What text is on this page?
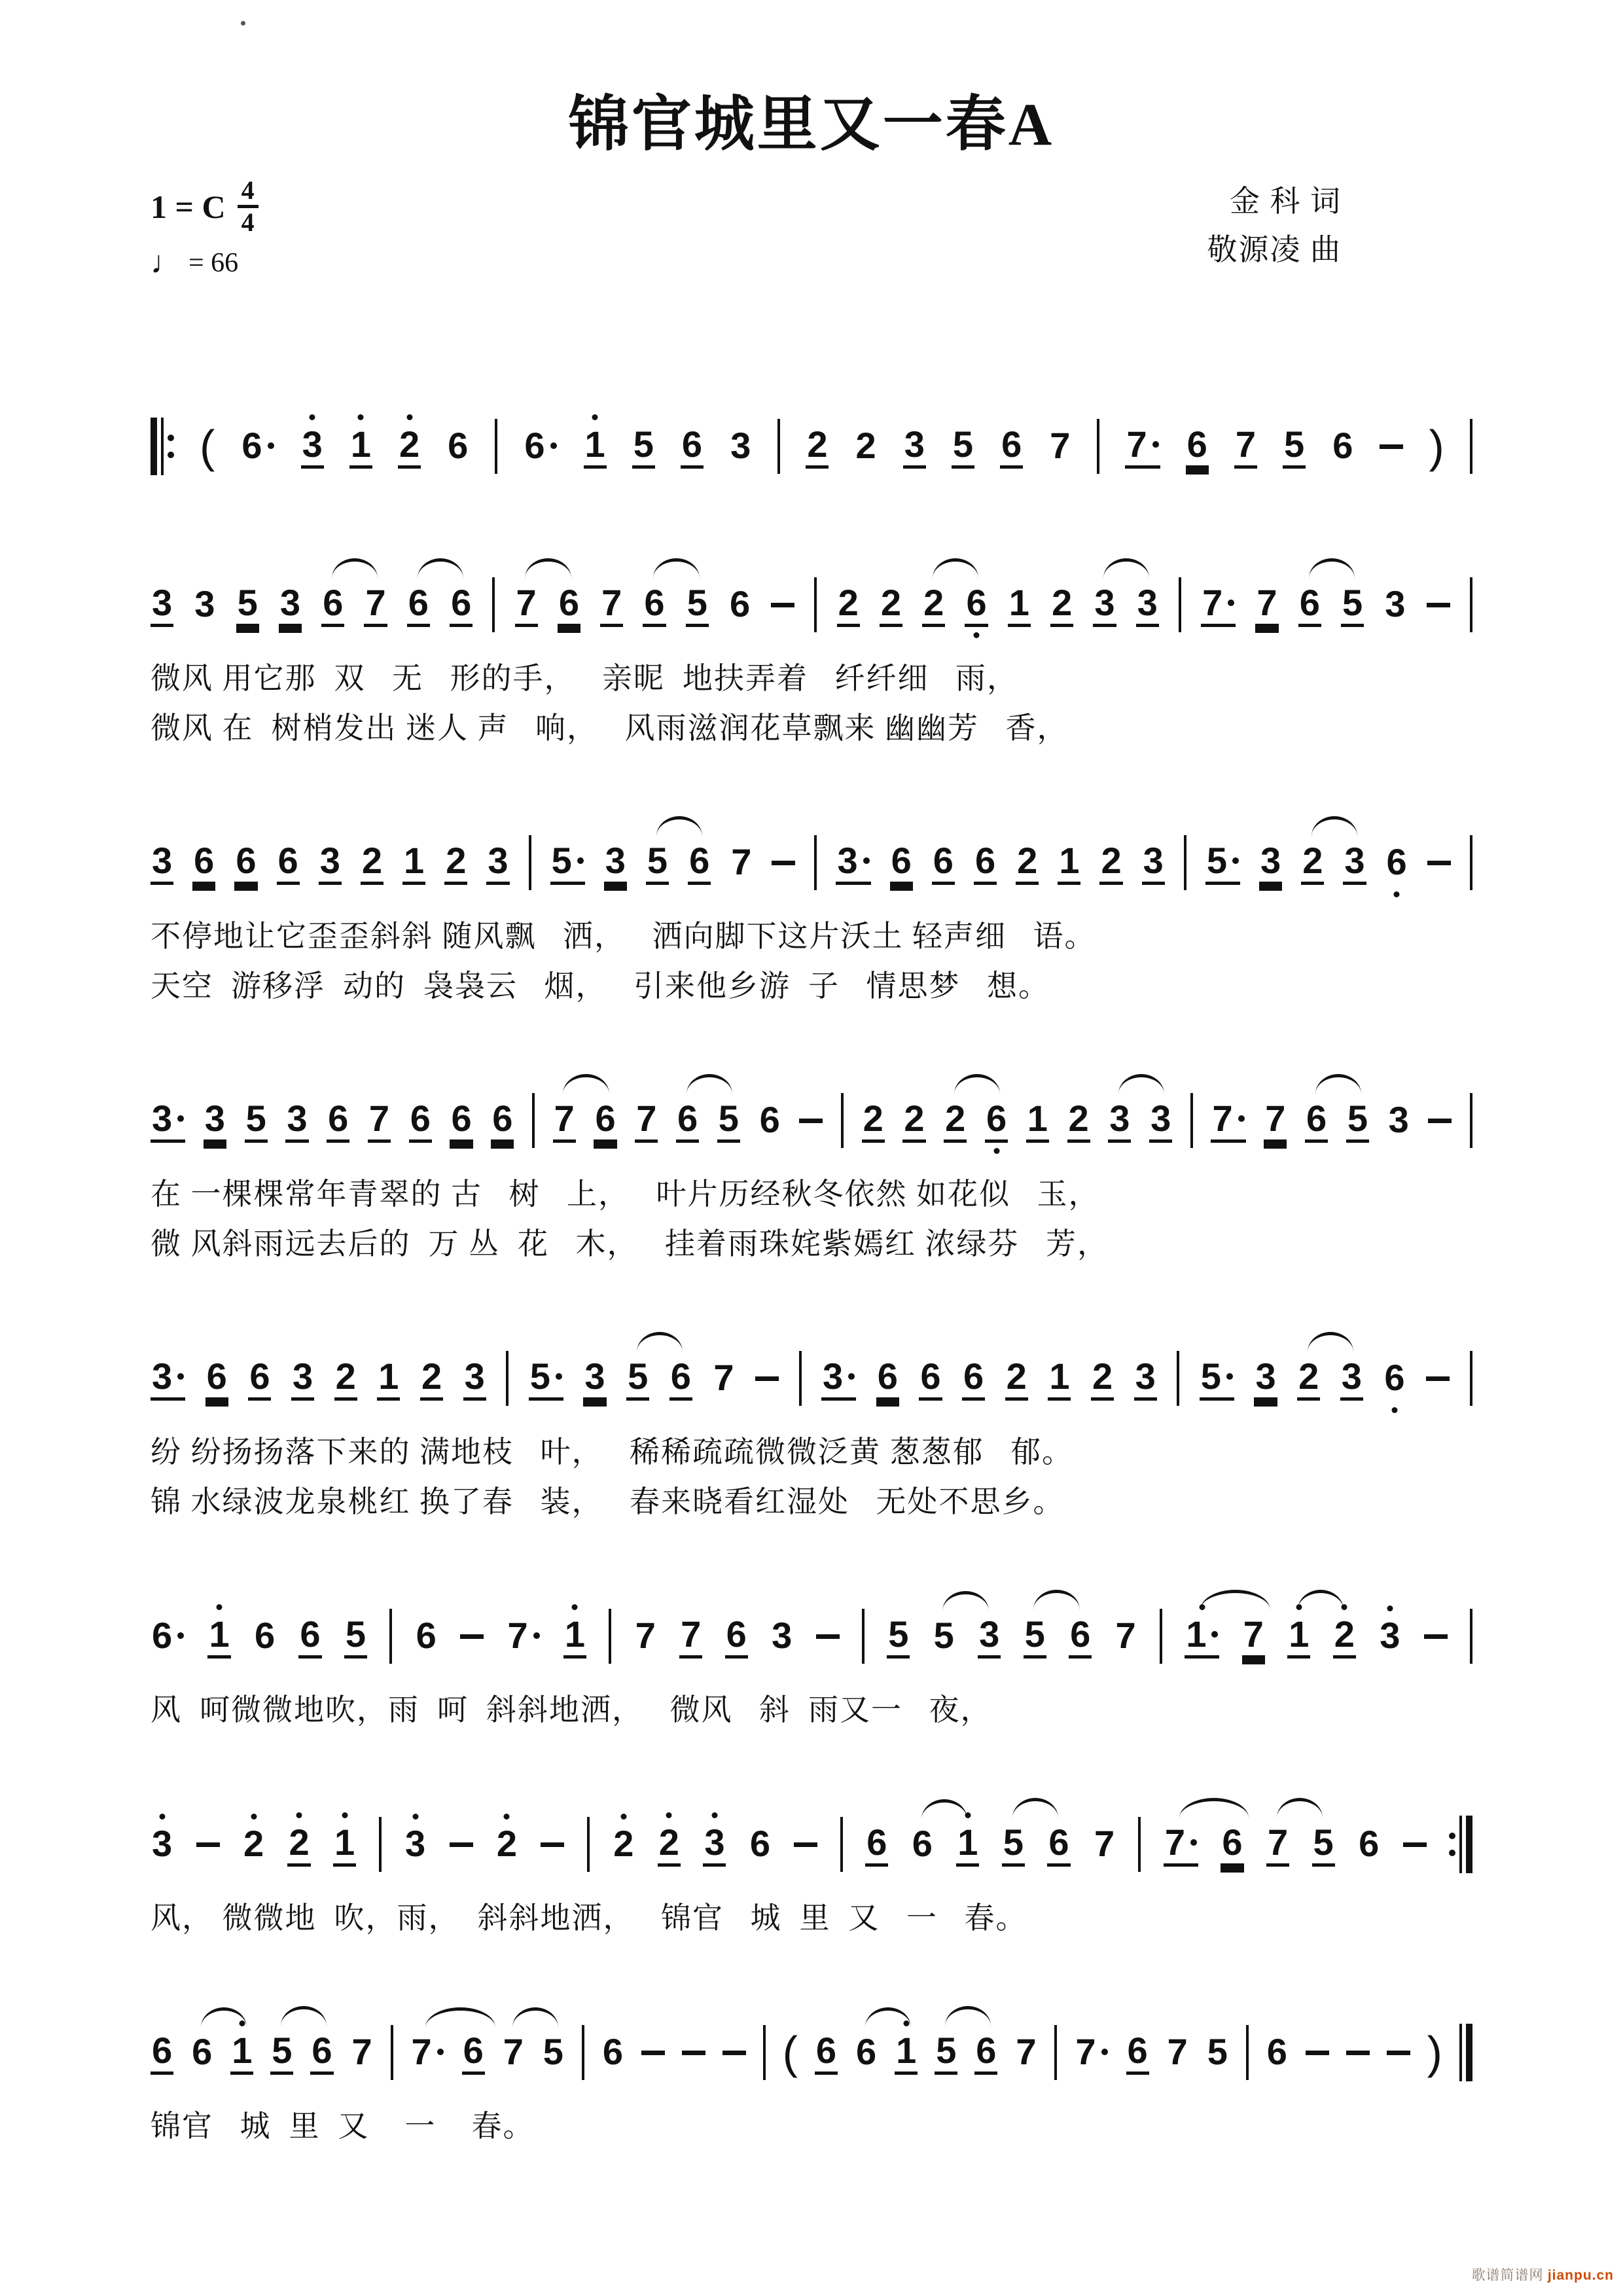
锦官城里又一春A
1 = C $\frac{4}{4}$
♩ = 66
金 科 词
敬源凌 曲
( 6 3 1 2 6 6 1 5 6 3 2 2 3 5 6 7 7 6 7 5 6 )
3 3 5 3 6 7 6 6 7 6 7 6 5 6 2 2 2 6 1 2 3 3 7 7 6 5 3
微风 用它那  双   无   形的手，   亲昵  地扶弄着   纤纤细   雨，
微风 在  树梢发出 迷人 声   响，   风雨滋润花草飘来 幽幽芳   香，
3 6 6 6 3 2 1 2 3 5 3 5 6 7 3 6 6 6 2 1 2 3 5 3 2 3 6
不停地让它歪歪斜斜 随风飘   洒，   洒向脚下这片沃土 轻声细   语。
天空  游移浮  动的  袅袅云   烟，   引来他乡游  子   情思梦   想。
3 3 5 3 6 7 6 6 6 7 6 7 6 5 6 2 2 2 6 1 2 3 3 7 7 6 5 3
在 一棵棵常年青翠的 古   树   上，   叶片历经秋冬依然 如花似   玉，
微 风斜雨远去后的  万 丛  花   木，   挂着雨珠姹紫嫣红 浓绿芬   芳，
3 6 6 3 2 1 2 3 5 3 5 6 7 3 6 6 6 2 1 2 3 5 3 2 3 6
纷 纷扬扬落下来的 满地枝   叶，   稀稀疏疏微微泛黄 葱葱郁   郁。
锦 水绿波龙泉桃红 换了春   装，   春来晓看红湿处   无处不思乡。
6 1 6 6 5 6 7 1 7 7 6 3	5 5 3 5 6 7 1 7 1 2 3
风  呵微微地吹，雨  呵  斜斜地洒，   微风   斜  雨又一   夜，
3 2 2 1 3 2	2 2 3 6	6 6 1 5 6 7 7 6 7 5 6
风， 微微地  吹，雨，  斜斜地洒，   锦官   城  里  又   一   春。
6 6 1 5 6 7 7 6 7 5 6	( 6 6 1 5 6 7 7 6 7 5 6	)
锦官   城  里  又    一    春。
歌谱简谱网 jianpu.cn
